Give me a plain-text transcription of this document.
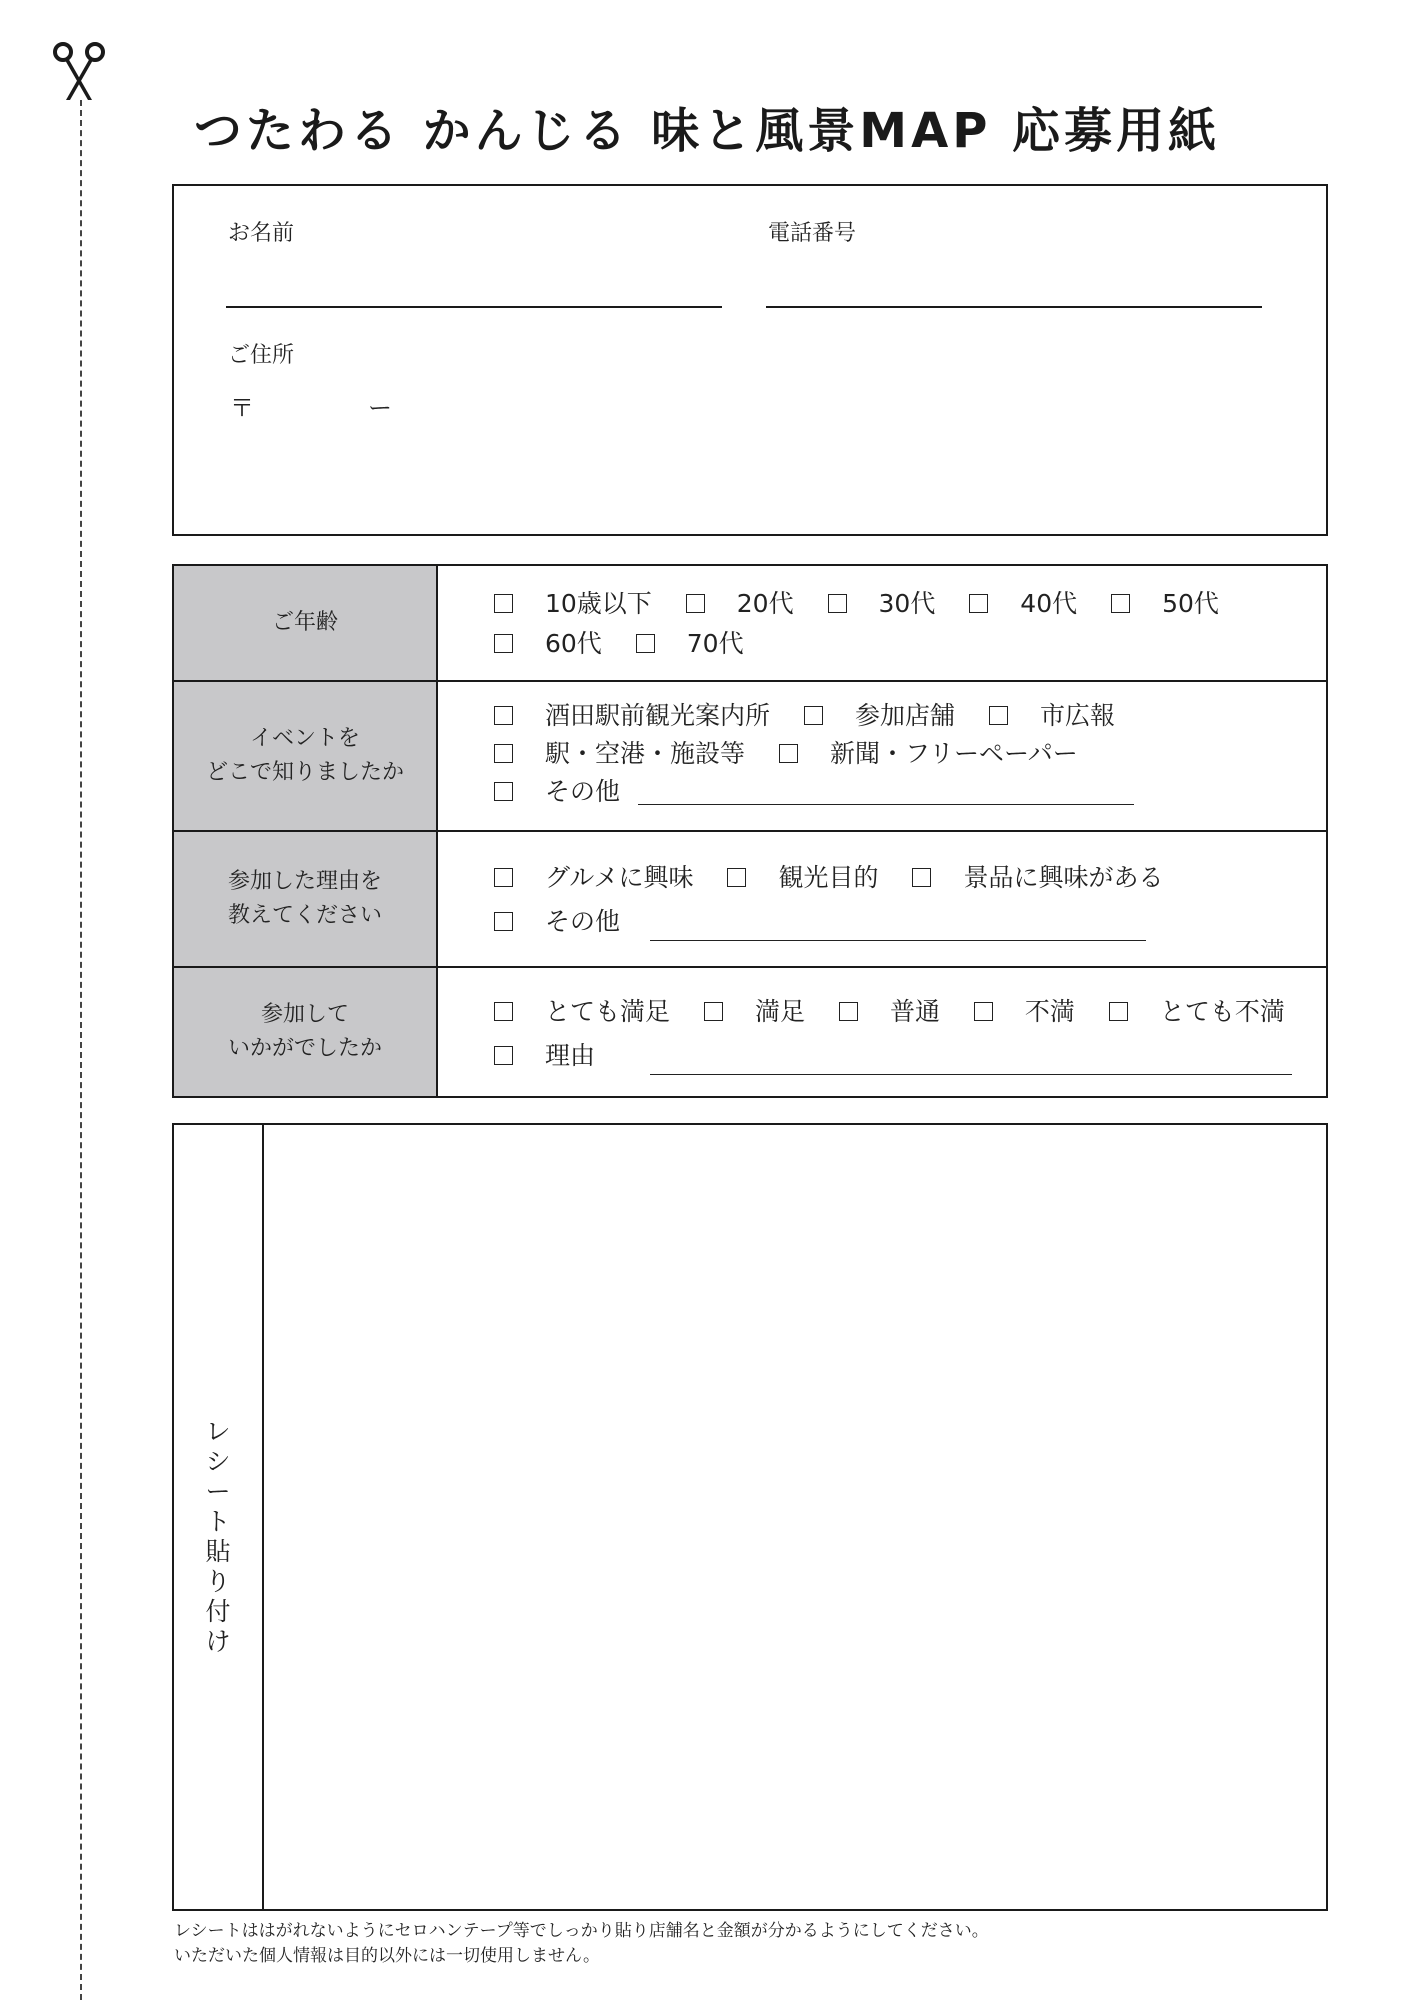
つたわる かんじる 味と風景MAP 応募用紙
お名前	電話番号
ご住所
〒	ー
ご年齢
10歳以下	20代	30代	40代	50代
60代	70代
イベントを
どこで知りましたか
酒田駅前観光案内所	参加店舗	市広報
駅・空港・施設等	新聞・フリーペーパー
その他
参加した理由を
教えてください
グルメに興味	観光目的	景品に興味がある
その他
参加して
いかがでしたか
とても満足	満足	普通	不満	とても不満
理由
レ
シ
ー
ト
貼
り
付
け
レシートははがれないようにセロハンテープ等でしっかり貼り店舗名と金額が分かるようにしてください。
いただいた個人情報は目的以外には一切使用しません。
